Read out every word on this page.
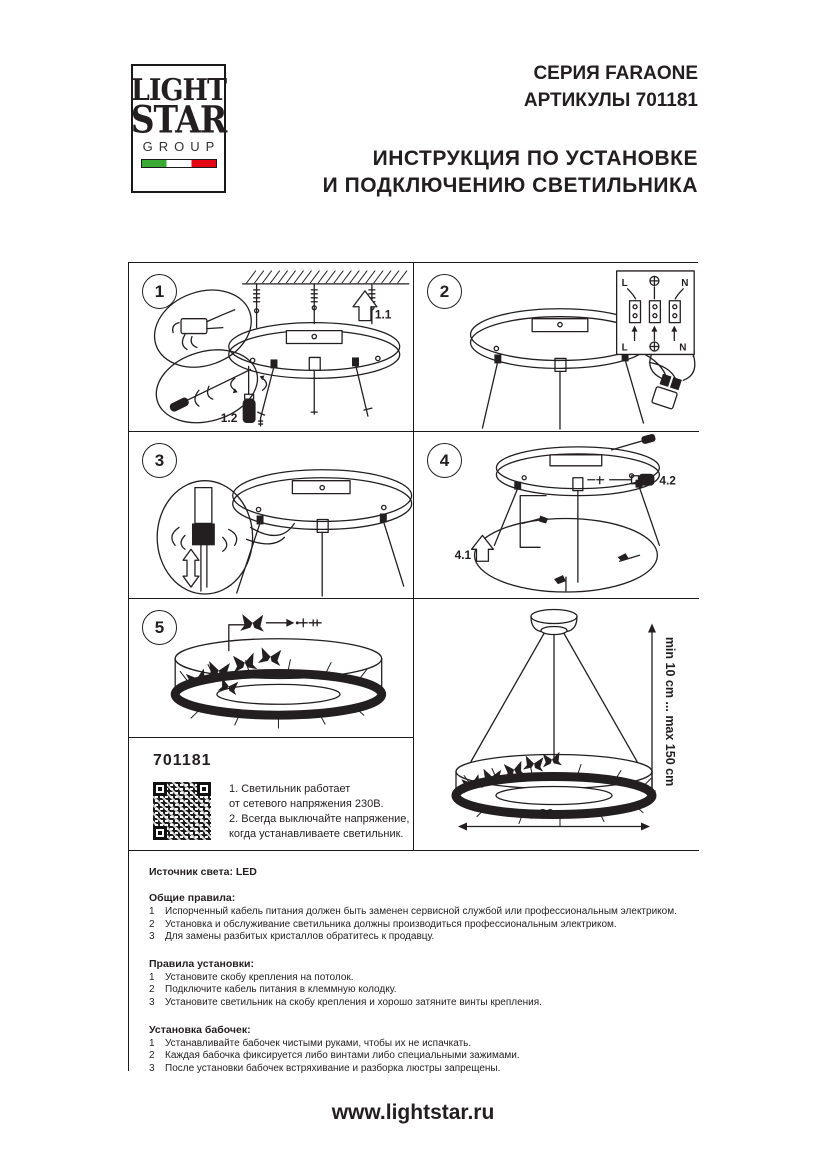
LIGHT
STAR
GROUP
СЕРИЯ FARAONE
АРТИКУЛЫ 701181
ИНСТРУКЦИЯ ПО УСТАНОВКЕ
И ПОДКЛЮЧЕНИЮ СВЕТИЛЬНИКА
1
1.1
1.2
2	L	N
L	N
3	4
4.1
4.2
5
701181
1. Светильник работает
от сетевого напряжения 230В.
2. Всегда выключайте напряжение,
когда устанавливаете светильник.
min 10 cm ... max 150 cm
ø80 cm
Источник света: LED
Общие правила:
1	Испорченный кабель питания должен быть заменен сервисной службой или профессиональным электриком.
2	Установка и обслуживание светильника должны производиться профессиональным электриком.
3	Для замены разбитых кристаллов обратитесь к продавцу.
Правила установки:
1	Установите скобу крепления на потолок.
2	Подключите кабель питания в клеммную колодку.
3	Установите светильник на скобу крепления и хорошо затяните винты крепления.
Установка бабочек:
1	Устанавливайте бабочек чистыми руками, чтобы их не испачкать.
2	Каждая бабочка фиксируется либо винтами либо специальными зажимами.
3	После установки бабочек встряхивание и разборка люстры запрещены.
www.lightstar.ru
